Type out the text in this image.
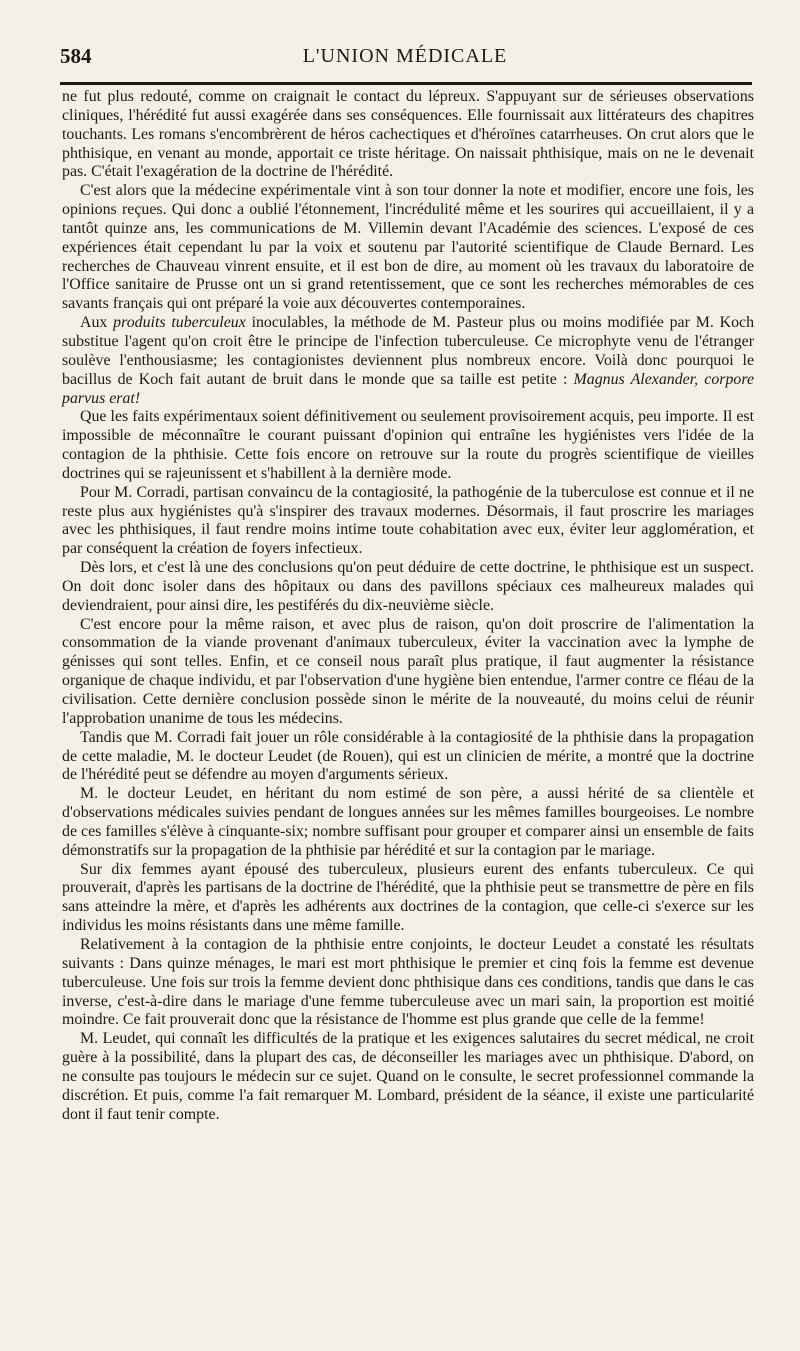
584	L'UNION MÉDICALE

ne fut plus redouté, comme on craignait le contact du lépreux. S'appuyant sur de sérieuses observations cliniques, l'hérédité fut aussi exagérée dans ses conséquences. Elle fournissait aux littérateurs des chapitres touchants. Les romans s'encombrèrent de héros cachectiques et d'héroïnes catarrheuses. On crut alors que le phthisique, en venant au monde, apportait ce triste héritage. On naissait phthisique, mais on ne le devenait pas. C'était l'exagération de la doctrine de l'hérédité.

C'est alors que la médecine expérimentale vint à son tour donner la note et modifier, encore une fois, les opinions reçues. Qui donc a oublié l'étonnement, l'incrédulité même et les sourires qui accueillaient, il y a tantôt quinze ans, les communications de M. Villemin devant l'Académie des sciences. L'exposé de ces expériences était cependant lu par la voix et soutenu par l'autorité scientifique de Claude Bernard. Les recherches de Chauveau vinrent ensuite, et il est bon de dire, au moment où les travaux du laboratoire de l'Office sanitaire de Prusse ont un si grand retentissement, que ce sont les recherches mémorables de ces savants français qui ont préparé la voie aux découvertes contemporaines.

Aux produits tuberculeux inoculables, la méthode de M. Pasteur plus ou moins modifiée par M. Koch substitue l'agent qu'on croit être le principe de l'infection tuberculeuse. Ce microphyte venu de l'étranger soulève l'enthousiasme; les contagionistes deviennent plus nombreux encore. Voilà donc pourquoi le bacillus de Koch fait autant de bruit dans le monde que sa taille est petite : Magnus Alexander, corpore parvus erat!

Que les faits expérimentaux soient définitivement ou seulement provisoirement acquis, peu importe. Il est impossible de méconnaître le courant puissant d'opinion qui entraîne les hygiénistes vers l'idée de la contagion de la phthisie. Cette fois encore on retrouve sur la route du progrès scientifique de vieilles doctrines qui se rajeunissent et s'habillent à la dernière mode.

Pour M. Corradi, partisan convaincu de la contagiosité, la pathogénie de la tuberculose est connue et il ne reste plus aux hygiénistes qu'à s'inspirer des travaux modernes. Désormais, il faut proscrire les mariages avec les phthisiques, il faut rendre moins intime toute cohabitation avec eux, éviter leur agglomération, et par conséquent la création de foyers infectieux.

Dès lors, et c'est là une des conclusions qu'on peut déduire de cette doctrine, le phthisique est un suspect. On doit donc isoler dans des hôpitaux ou dans des pavillons spéciaux ces malheureux malades qui deviendraient, pour ainsi dire, les pestiférés du dix-neuvième siècle.

C'est encore pour la même raison, et avec plus de raison, qu'on doit proscrire de l'alimentation la consommation de la viande provenant d'animaux tuberculeux, éviter la vaccination avec la lymphe de génisses qui sont telles. Enfin, et ce conseil nous paraît plus pratique, il faut augmenter la résistance organique de chaque individu, et par l'observation d'une hygiène bien entendue, l'armer contre ce fléau de la civilisation. Cette dernière conclusion possède sinon le mérite de la nouveauté, du moins celui de réunir l'approbation unanime de tous les médecins.

Tandis que M. Corradi fait jouer un rôle considérable à la contagiosité de la phthisie dans la propagation de cette maladie, M. le docteur Leudet (de Rouen), qui est un clinicien de mérite, a montré que la doctrine de l'hérédité peut se défendre au moyen d'arguments sérieux.

M. le docteur Leudet, en héritant du nom estimé de son père, a aussi hérité de sa clientèle et d'observations médicales suivies pendant de longues années sur les mêmes familles bourgeoises. Le nombre de ces familles s'élève à cinquante-six; nombre suffisant pour grouper et comparer ainsi un ensemble de faits démonstratifs sur la propagation de la phthisie par hérédité et sur la contagion par le mariage.

Sur dix femmes ayant épousé des tuberculeux, plusieurs eurent des enfants tuberculeux. Ce qui prouverait, d'après les partisans de la doctrine de l'hérédité, que la phthisie peut se transmettre de père en fils sans atteindre la mère, et d'après les adhérents aux doctrines de la contagion, que celle-ci s'exerce sur les individus les moins résistants dans une même famille.

Relativement à la contagion de la phthisie entre conjoints, le docteur Leudet a constaté les résultats suivants : Dans quinze ménages, le mari est mort phthisique le premier et cinq fois la femme est devenue tuberculeuse. Une fois sur trois la femme devient donc phthisique dans ces conditions, tandis que dans le cas inverse, c'est-à-dire dans le mariage d'une femme tuberculeuse avec un mari sain, la proportion est moitié moindre. Ce fait prouverait donc que la résistance de l'homme est plus grande que celle de la femme!

M. Leudet, qui connaît les difficultés de la pratique et les exigences salutaires du secret médical, ne croit guère à la possibilité, dans la plupart des cas, de déconseiller les mariages avec un phthisique. D'abord, on ne consulte pas toujours le médecin sur ce sujet. Quand on le consulte, le secret professionnel commande la discrétion. Et puis, comme l'a fait remarquer M. Lombard, président de la séance, il existe une particularité dont il faut tenir compte.
